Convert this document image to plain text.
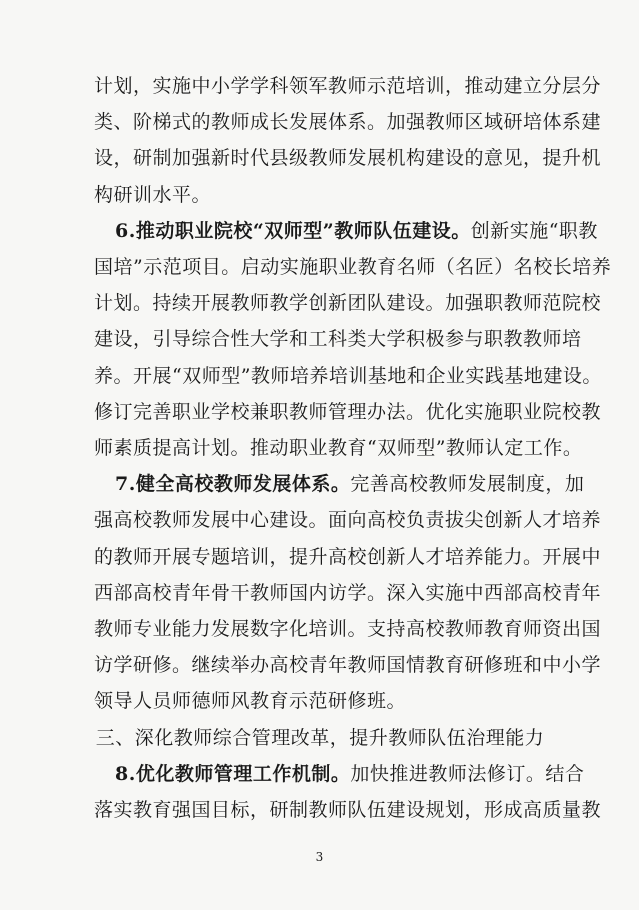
计划，实施中小学学科领军教师示范培训，推动建立分层分

类、阶梯式的教师成长发展体系。加强教师区域研培体系建

设，研制加强新时代县级教师发展机构建设的意见，提升机

构研训水平。

6.推动职业院校“双师型”教师队伍建设。创新实施“职教

国培”示范项目。启动实施职业教育名师（名匠）名校长培养

计划。持续开展教师教学创新团队建设。加强职教师范院校

建设，引导综合性大学和工科类大学积极参与职教教师培

养。开展“双师型”教师培养培训基地和企业实践基地建设。

修订完善职业学校兼职教师管理办法。优化实施职业院校教

师素质提高计划。推动职业教育“双师型”教师认定工作。

7.健全高校教师发展体系。完善高校教师发展制度，加

强高校教师发展中心建设。面向高校负责拔尖创新人才培养

的教师开展专题培训，提升高校创新人才培养能力。开展中

西部高校青年骨干教师国内访学。深入实施中西部高校青年

教师专业能力发展数字化培训。支持高校教师教育师资出国

访学研修。继续举办高校青年教师国情教育研修班和中小学

领导人员师德师风教育示范研修班。

三、深化教师综合管理改革，提升教师队伍治理能力

8.优化教师管理工作机制。加快推进教师法修订。结合

落实教育强国目标，研制教师队伍建设规划，形成高质量教

3
